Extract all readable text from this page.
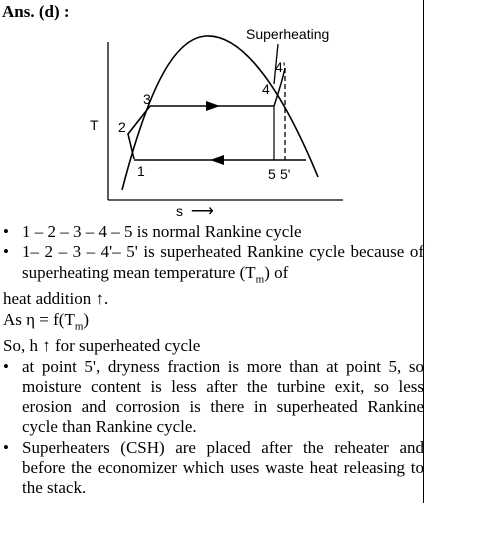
Ans. (d) :
Superheating
T
1
2
3
4
4'
5 5'
s ⟶

• 1 – 2 – 3 – 4 – 5 is normal Rankine cycle

• 1– 2 – 3 – 4'– 5' is superheated Rankine cycle because of superheating mean temperature $(T_m)$ of

heat addition ↑.

As $\eta = f(T_m)$

So, h ↑ for superheated cycle

• at point 5', dryness fraction is more than at point 5, so moisture content is less after the turbine exit, so less erosion and corrosion is there in superheated Rankine cycle than Rankine cycle.

• Superheaters (CSH) are placed after the reheater and before the economizer which uses waste heat releasing to the stack.
